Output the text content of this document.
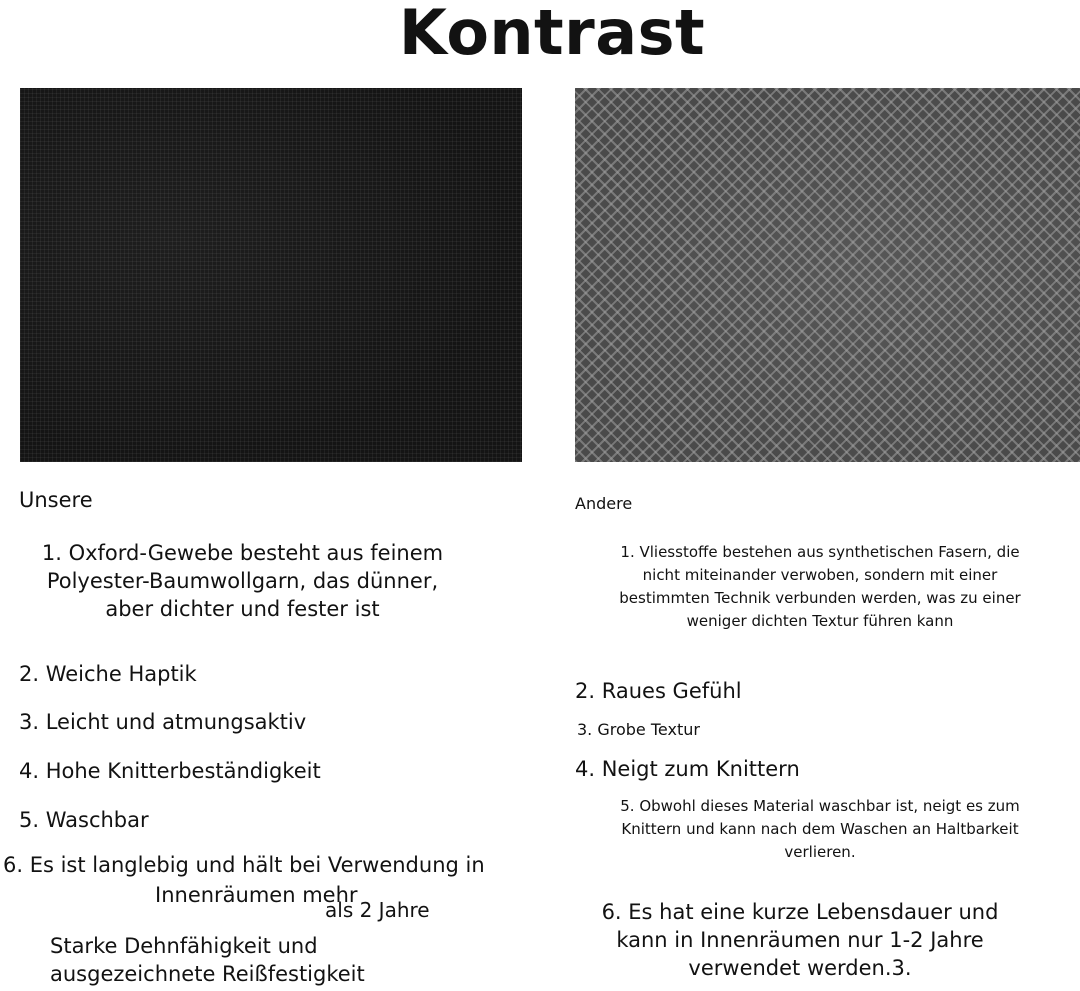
Kontrast
Unsere
1. Oxford-Gewebe besteht aus feinem
Polyester-Baumwollgarn, das dünner,
aber dichter und fester ist
2. Weiche Haptik
3. Leicht und atmungsaktiv
4. Hohe Knitterbeständigkeit
5. Waschbar
6. Es ist langlebig und hält bei Verwendung in
Innenräumen mehr
als 2 Jahre
Starke Dehnfähigkeit und
ausgezeichnete Reißfestigkeit
Andere
1. Vliesstoffe bestehen aus synthetischen Fasern, die
nicht miteinander verwoben, sondern mit einer
bestimmten Technik verbunden werden, was zu einer
weniger dichten Textur führen kann
2. Raues Gefühl
3. Grobe Textur
4. Neigt zum Knittern
5. Obwohl dieses Material waschbar ist, neigt es zum
Knittern und kann nach dem Waschen an Haltbarkeit
verlieren.
6. Es hat eine kurze Lebensdauer und
kann in Innenräumen nur 1-2 Jahre
verwendet werden.3.
